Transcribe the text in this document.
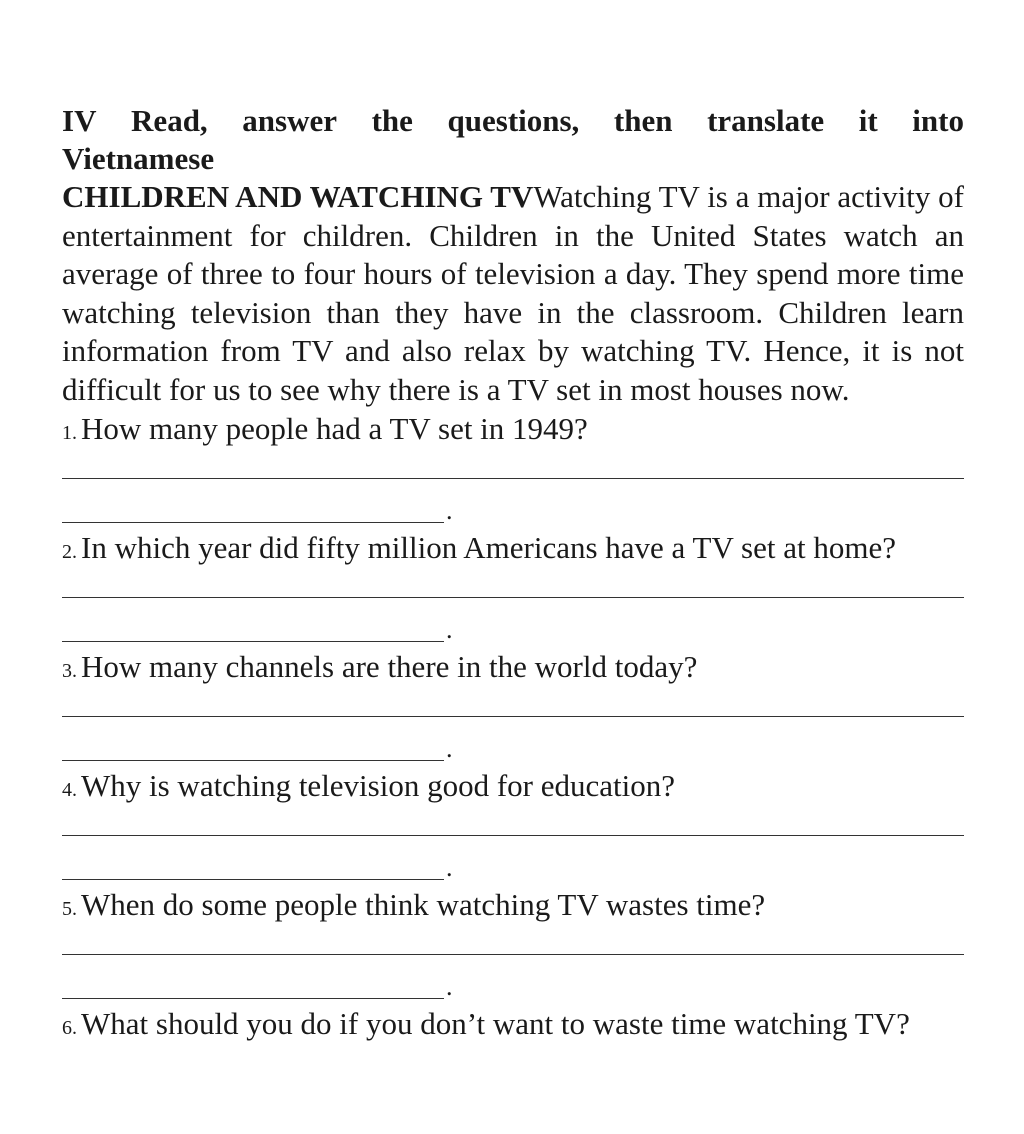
IV Read, answer the questions, then translate it into
Vietnamese
CHILDREN AND WATCHING TVWatching TV is a major activity of entertainment for children. Children in the United States watch an average of three to four hours of television a day. They spend more time watching television than they have in the classroom. Children learn information from TV and also relax by watching TV. Hence, it is not difficult for us to see why there is a TV set in most houses now.
1. How many people had a TV set in 1949?
.
2. In which year did fifty million Americans have a TV set at home?
.
3. How many channels are there in the world today?
.
4. Why is watching television good for education?
.
5. When do some people think watching TV wastes time?
.
6. What should you do if you don’t want to waste time watching TV?
